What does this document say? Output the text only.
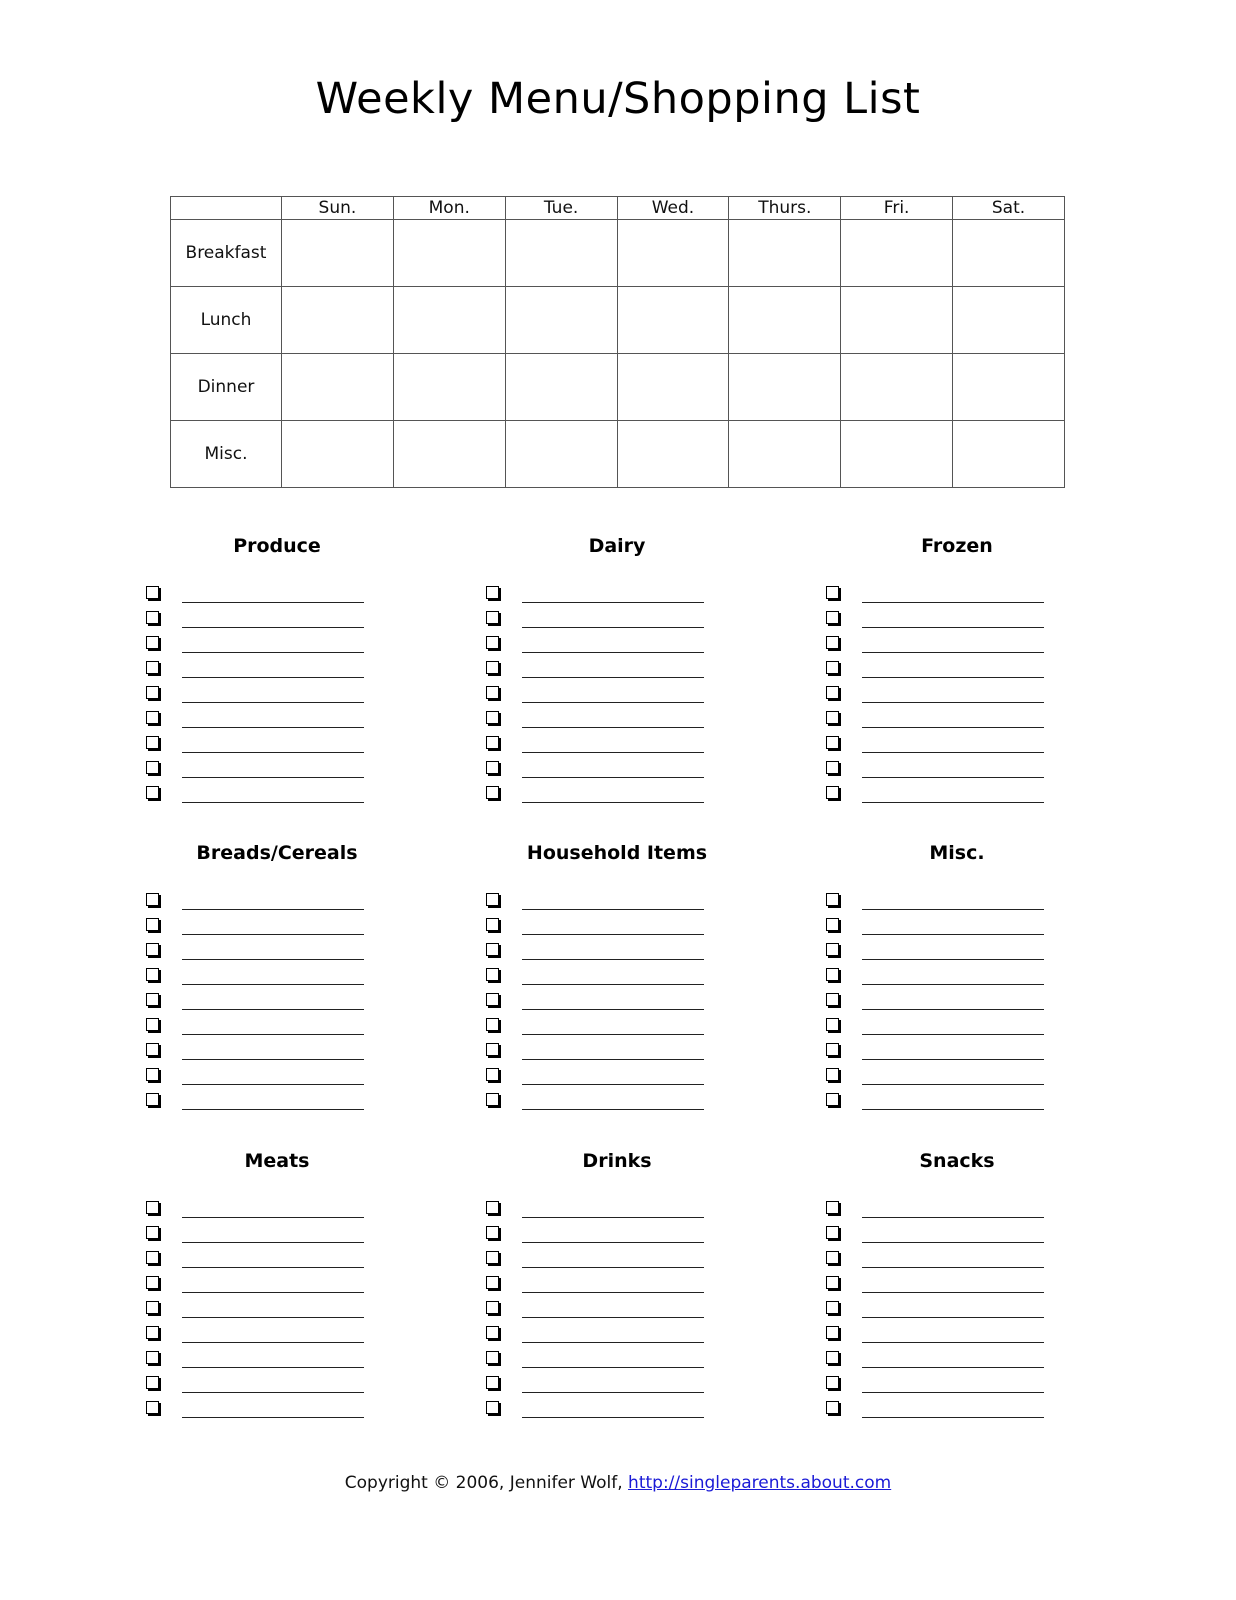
Weekly Menu/Shopping List
	Sun.	Mon.	Tue.	Wed.	Thurs.	Fri.	Sat.
Breakfast							
Lunch							
Dinner							
Misc.							
Produce	Dairy	Frozen
Breads/Cereals	Household Items	Misc.
Meats	Drinks	Snacks
Copyright © 2006, Jennifer Wolf, http://singleparents.about.com
